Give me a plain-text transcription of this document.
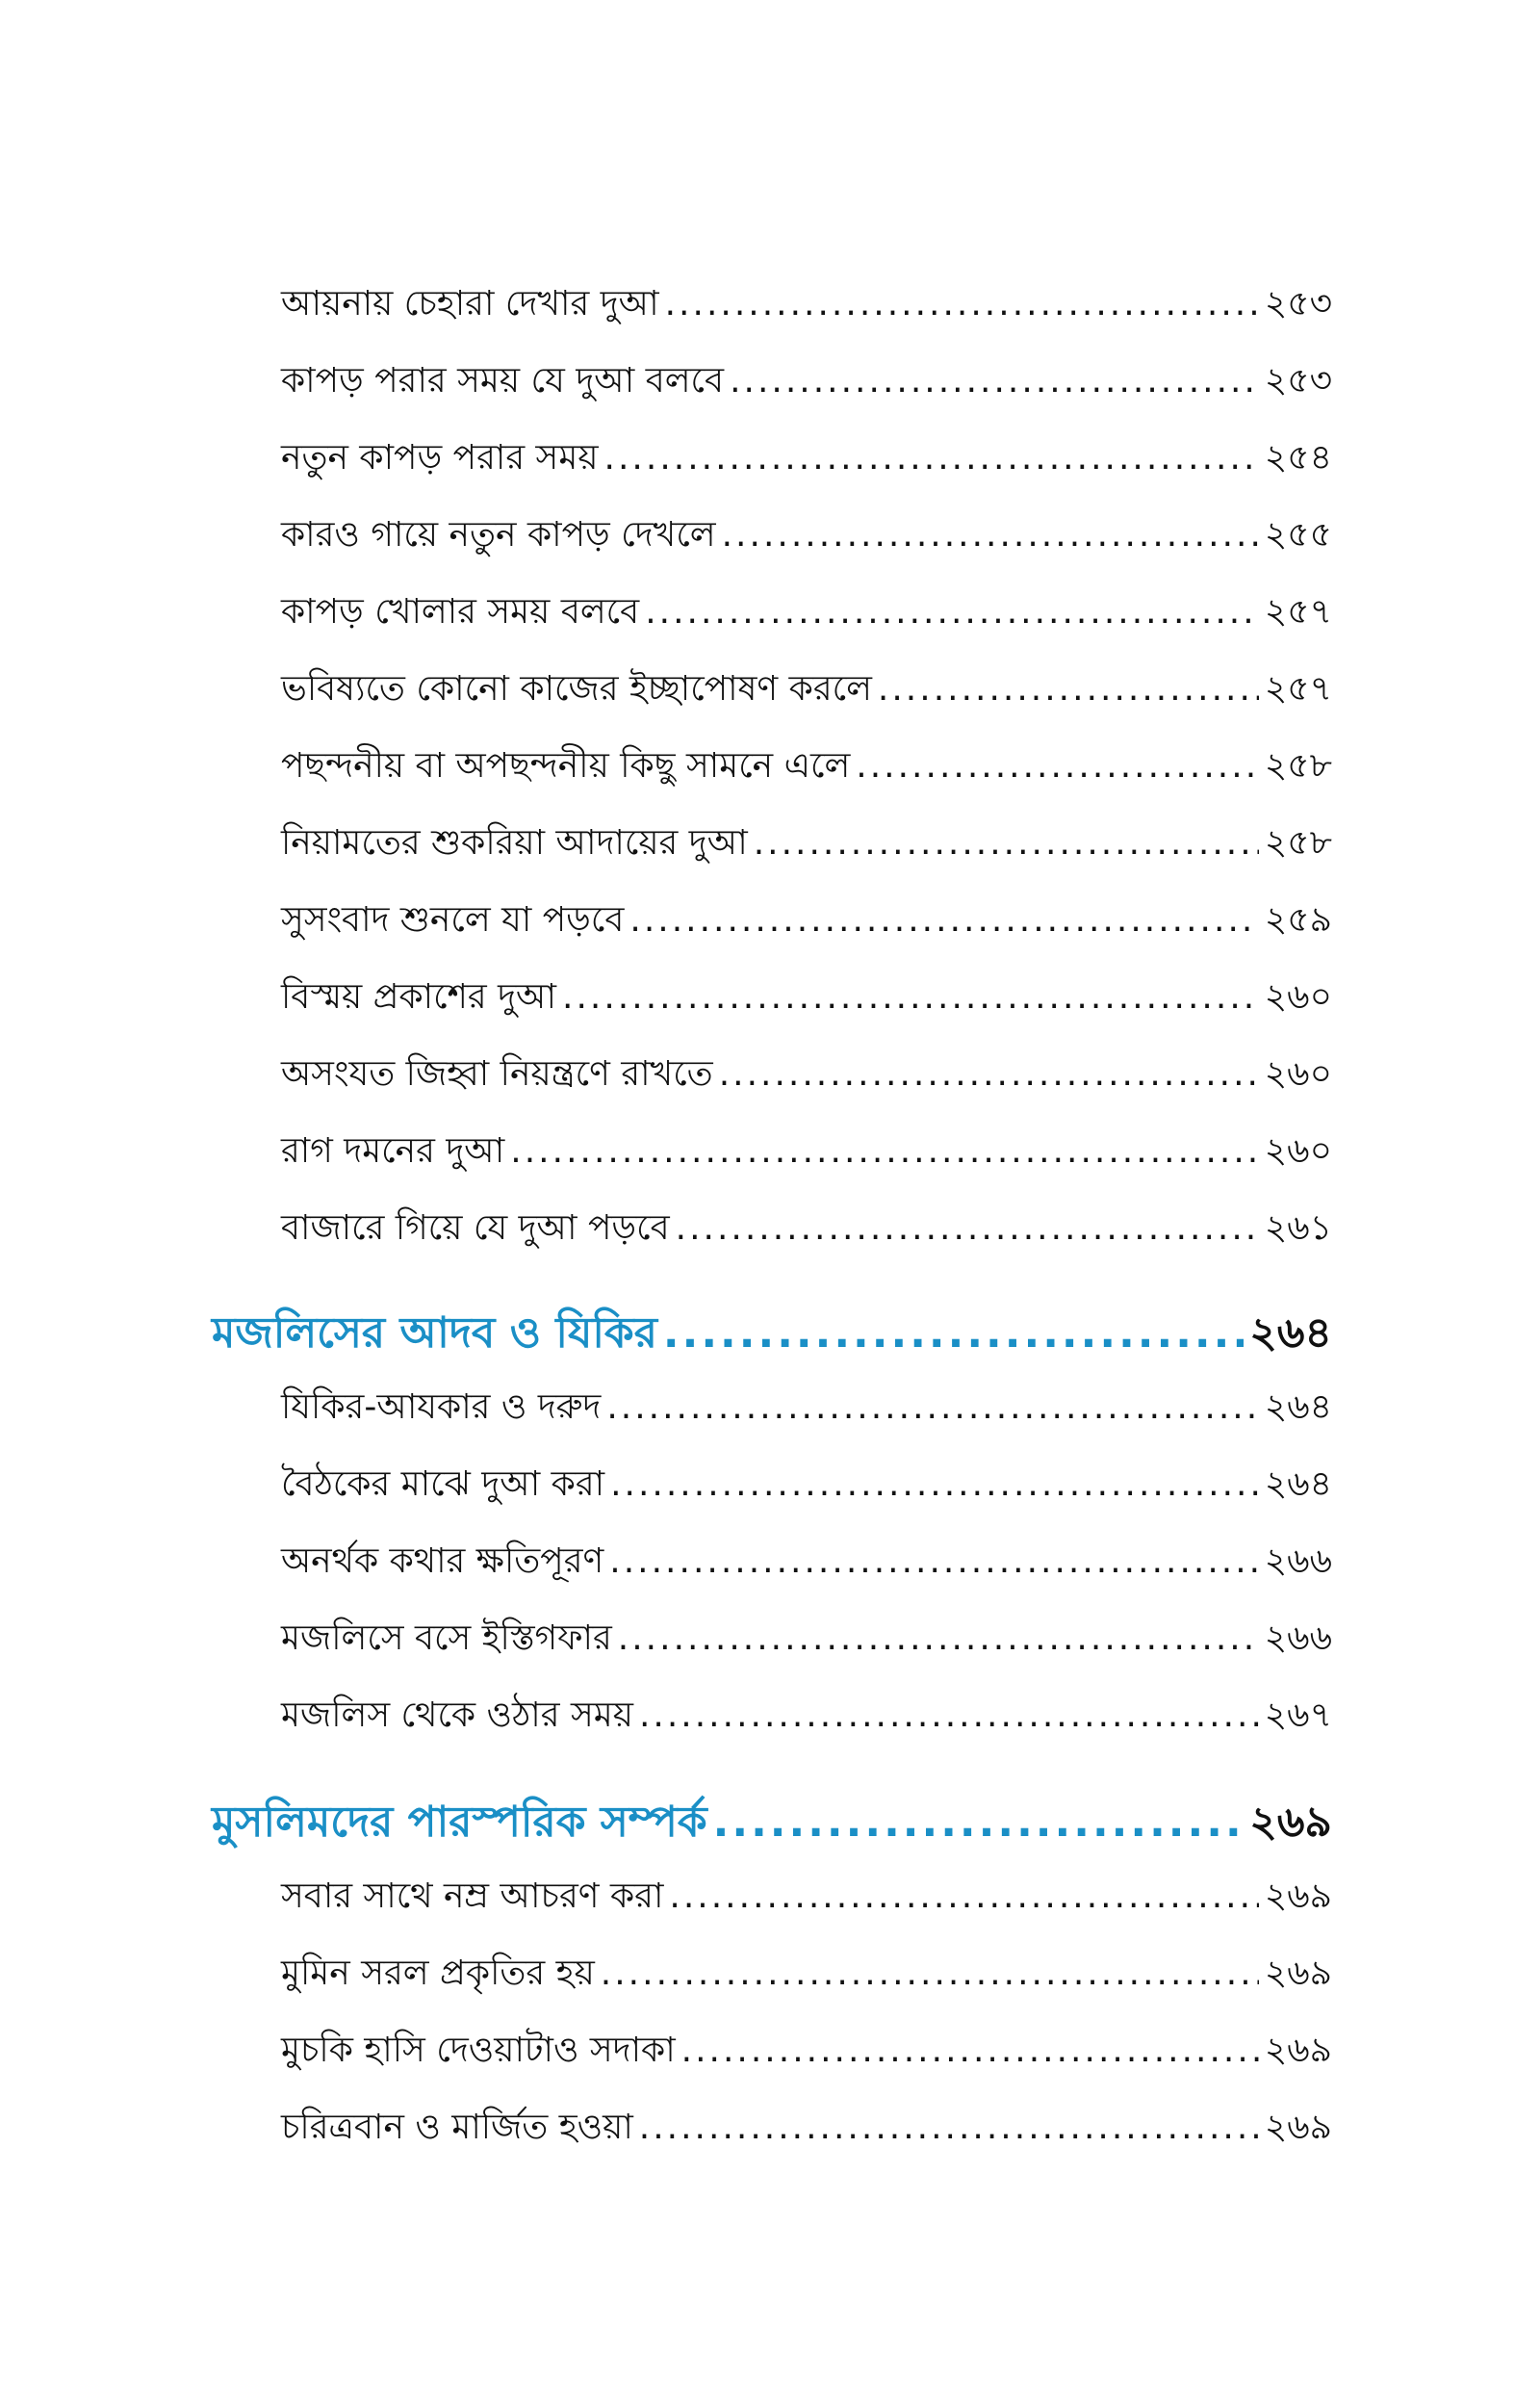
আয়নায় চেহারা দেখার দুআ .....	২৫৩
কাপড় পরার সময় যে দুআ বলবে .....	২৫৩
নতুন কাপড় পরার সময় .....	২৫৪
কারও গায়ে নতুন কাপড় দেখলে .....	২৫৫
কাপড় খোলার সময় বলবে .....	২৫৭
ভবিষ্যতে কোনো কাজের ইচ্ছাপোষণ করলে .....	২৫৭
পছন্দনীয় বা অপছন্দনীয় কিছু সামনে এলে .....	২৫৮
নিয়ামতের শুকরিয়া আদায়ের দুআ .....	২৫৮
সুসংবাদ শুনলে যা পড়বে .....	২৫৯
বিস্ময় প্রকাশের দুআ .....	২৬০
অসংযত জিহ্বা নিয়ন্ত্রণে রাখতে .....	২৬০
রাগ দমনের দুআ .....	২৬০
বাজারে গিয়ে যে দুআ পড়বে .....	২৬১
মজলিসের আদব ও যিকির .....	২৬৪
যিকির-আযকার ও দরুদ .....	২৬৪
বৈঠকের মাঝে দুআ করা .....	২৬৪
অনর্থক কথার ক্ষতিপূরণ .....	২৬৬
মজলিসে বসে ইস্তিগফার .....	২৬৬
মজলিস থেকে ওঠার সময় .....	২৬৭
মুসলিমদের পারস্পরিক সম্পর্ক .....	২৬৯
সবার সাথে নম্র আচরণ করা .....	২৬৯
মুমিন সরল প্রকৃতির হয় .....	২৬৯
মুচকি হাসি দেওয়াটাও সদাকা .....	২৬৯
চরিত্রবান ও মার্জিত হওয়া .....	২৬৯
